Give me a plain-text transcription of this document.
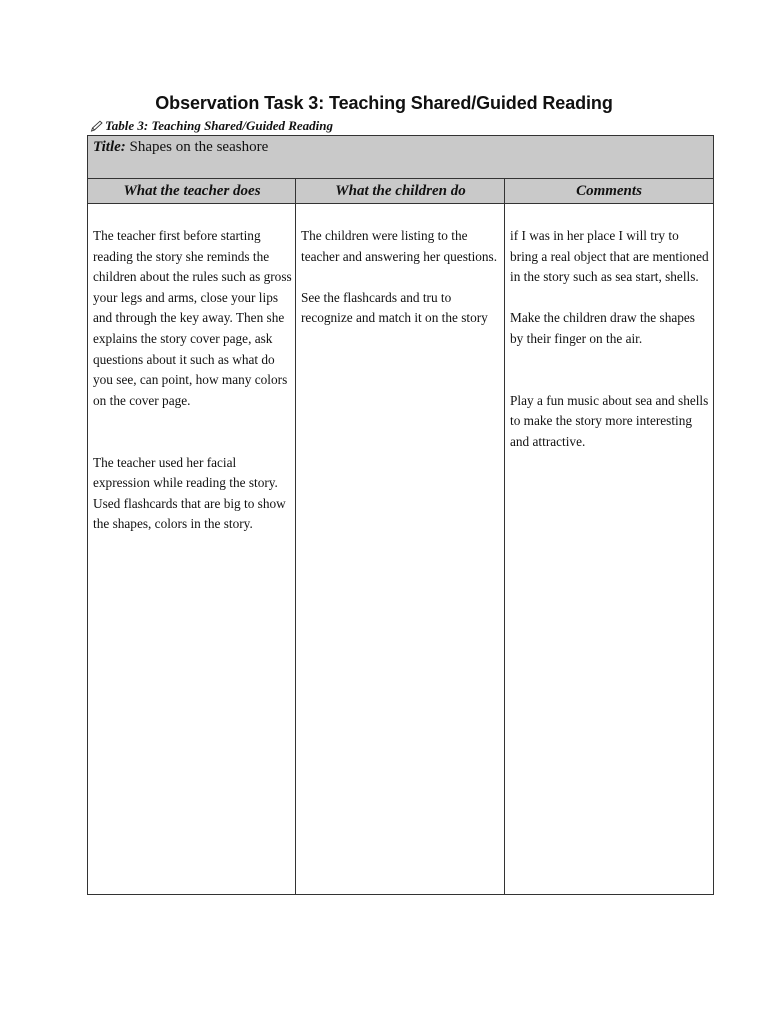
Observation Task 3: Teaching Shared/Guided Reading
Table 3: Teaching Shared/Guided Reading
Title: Shapes on the seashore
What the teacher does	What the children do	Comments

The teacher first before starting reading the story she reminds the children about the rules such as gross your legs and arms, close your lips and through the key away. Then she explains the story cover page, ask questions about it such as what do you see, can point, how many colors on the cover page.

The teacher used her facial expression while reading the story. Used flashcards that are big to show the shapes, colors in the story.

The children were listing to the teacher and answering her questions.

See the flashcards and tru to recognize and match it on the story

if I was in her place I will try to bring a real object that are mentioned in the story such as sea start, shells.

Make the children draw the shapes by their finger on the air.

Play a fun music about sea and shells to make the story more interesting and attractive.
